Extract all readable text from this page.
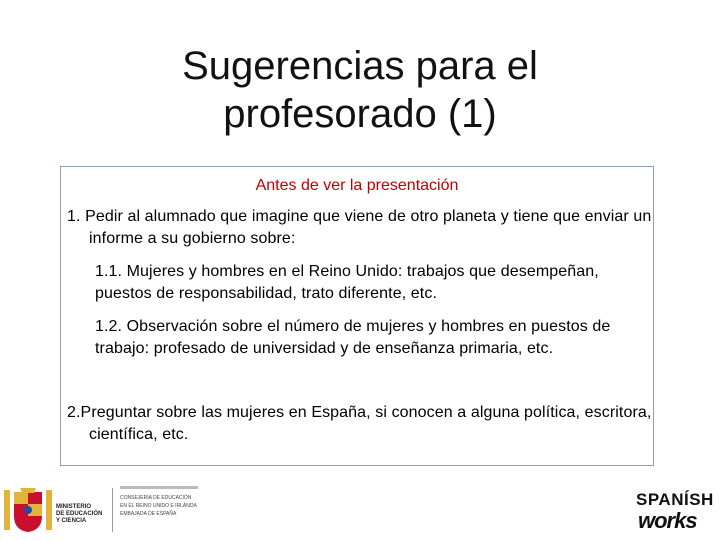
Sugerencias para el
profesorado (1)
Antes de ver la presentación
1. Pedir al alumnado que imagine que viene de otro planeta y tiene que enviar un informe a su gobierno sobre:
1.1. Mujeres y hombres en el Reino Unido: trabajos que desempeñan, puestos de responsabilidad, trato diferente, etc.
1.2. Observación sobre el número de mujeres y hombres en puestos de trabajo: profesado de universidad y de enseñanza primaria, etc.
2.Preguntar sobre las mujeres en España, si conocen a alguna política, escritora, científica, etc.
MINISTERIO
DE EDUCACIÓN
Y CIENCIA
CONSEJERÍA DE EDUCACIÓN
EN EL REINO UNIDO E IRLANDA
EMBAJADA DE ESPAÑA
SPANÍSH
works
